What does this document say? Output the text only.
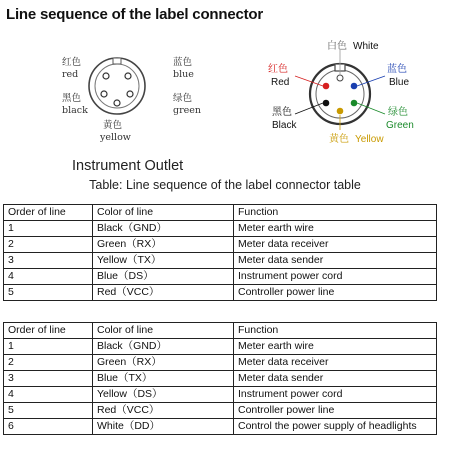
Line sequence of the label connector
红色
red
黑色
black
黄色
yellow
蓝色
blue
绿色
green
白色 White
红色
Red
蓝色
Blue
黑色
Black
绿色
Green
黄色 Yellow
Instrument Outlet
Table: Line sequence of the label connector table
Order of line	Color of line	Function
1	Black（GND）	Meter earth wire
2	Green（RX）	Meter data receiver
3	Yellow（TX）	Meter data sender
4	Blue（DS）	Instrument power cord
5	Red（VCC）	Controller power line
Order of line	Color of line	Function
1	Black（GND）	Meter earth wire
2	Green（RX）	Meter data receiver
3	Blue（TX）	Meter data sender
4	Yellow（DS）	Instrument power cord
5	Red（VCC）	Controller power line
6	White（DD）	Control the power supply of headlights
